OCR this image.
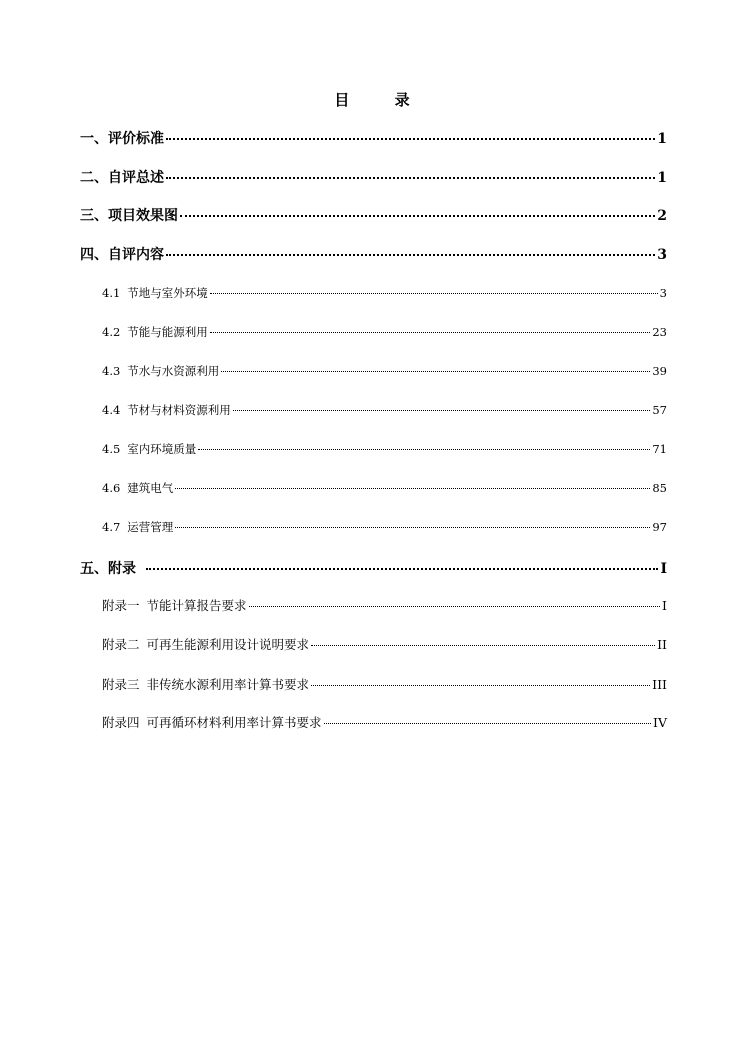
目 录
一、评价标准	1
二、自评总述	1
三、项目效果图	2
四、自评内容	3
4.1 节地与室外环境	3
4.2 节能与能源利用	23
4.3 节水与水资源利用	39
4.4 节材与材料资源利用	57
4.5 室内环境质量	71
4.6 建筑电气	85
4.7 运营管理	97
五、附录	I
附录一 节能计算报告要求	I
附录二 可再生能源利用设计说明要求	II
附录三 非传统水源利用率计算书要求	III
附录四 可再循环材料利用率计算书要求	IV
